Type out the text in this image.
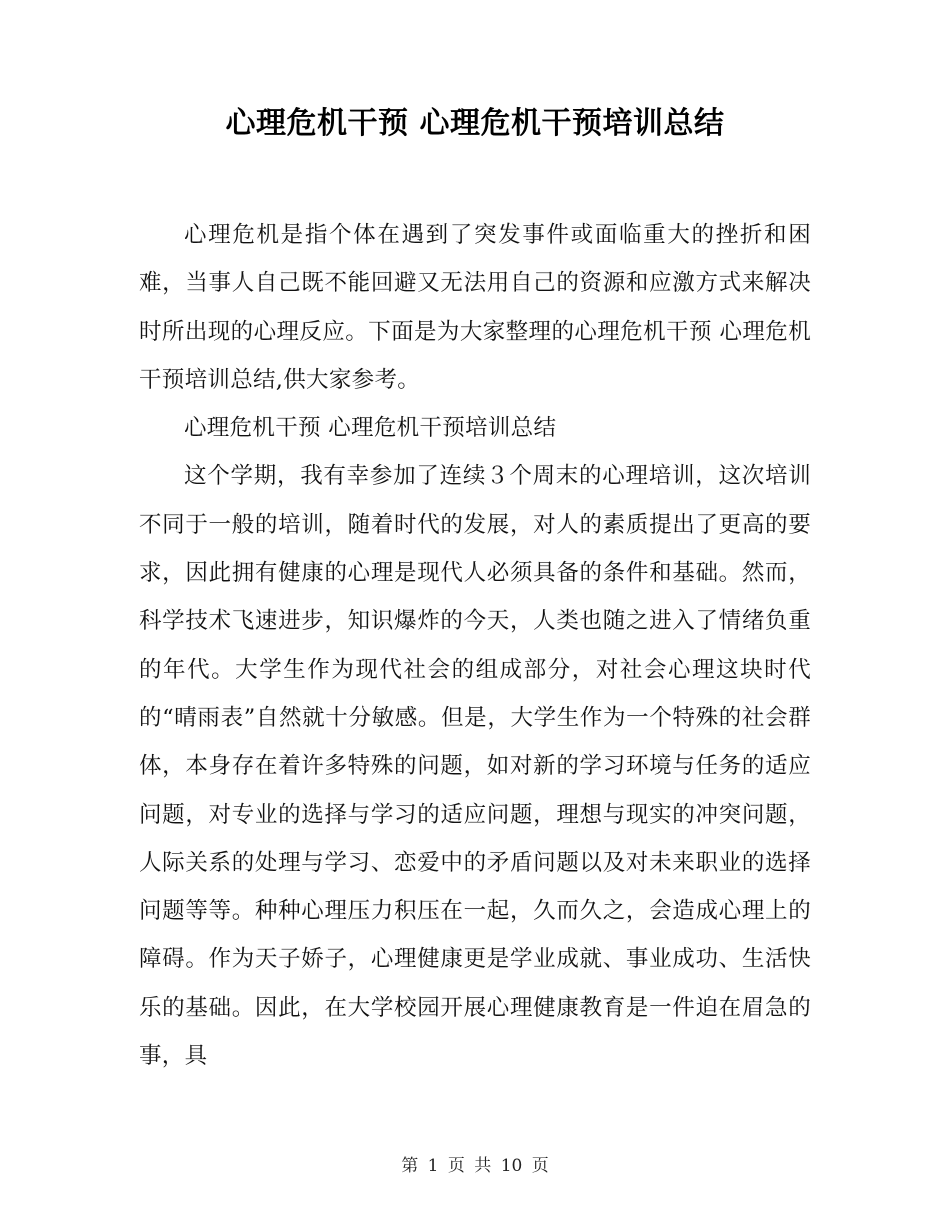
心理危机干预 心理危机干预培训总结

心理危机是指个体在遇到了突发事件或面临重大的挫折和困难，当事人自己既不能回避又无法用自己的资源和应激方式来解决时所出现的心理反应。下面是为大家整理的心理危机干预 心理危机干预培训总结,供大家参考。

心理危机干预 心理危机干预培训总结

这个学期，我有幸参加了连续３个周末的心理培训，这次培训不同于一般的培训，随着时代的发展，对人的素质提出了更高的要求，因此拥有健康的心理是现代人必须具备的条件和基础。然而，科学技术飞速进步，知识爆炸的今天，人类也随之进入了情绪负重的年代。大学生作为现代社会的组成部分，对社会心理这块时代的“晴雨表”自然就十分敏感。但是，大学生作为一个特殊的社会群体，本身存在着许多特殊的问题，如对新的学习环境与任务的适应问题，对专业的选择与学习的适应问题，理想与现实的冲突问题，人际关系的处理与学习、恋爱中的矛盾问题以及对未来职业的选择问题等等。种种心理压力积压在一起，久而久之，会造成心理上的障碍。作为天子娇子，心理健康更是学业成就、事业成功、生活快乐的基础。因此，在大学校园开展心理健康教育是一件迫在眉急的事，具

第 1 页 共 10 页
